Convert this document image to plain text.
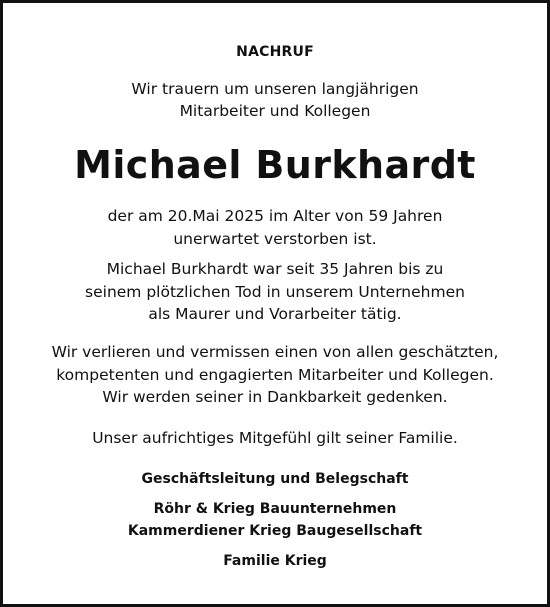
NACHRUF
Wir trauern um unseren langjährigen
Mitarbeiter und Kollegen
Michael Burkhardt
der am 20.Mai 2025 im Alter von 59 Jahren
unerwartet verstorben ist.
Michael Burkhardt war seit 35 Jahren bis zu
seinem plötzlichen Tod in unserem Unternehmen
als Maurer und Vorarbeiter tätig.
Wir verlieren und vermissen einen von allen geschätzten,
kompetenten und engagierten Mitarbeiter und Kollegen.
Wir werden seiner in Dankbarkeit gedenken.
Unser aufrichtiges Mitgefühl gilt seiner Familie.
Geschäftsleitung und Belegschaft
Röhr & Krieg Bauunternehmen
Kammerdiener Krieg Baugesellschaft
Familie Krieg
